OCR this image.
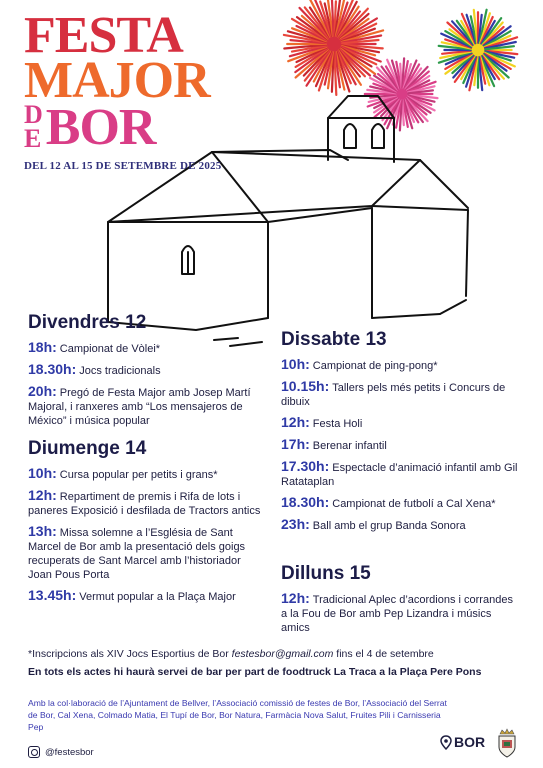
FESTA
MAJOR
D
E BOR
DEL 12 AL 15 DE SETEMBRE DE 2025
Divendres 12
18h: Campionat de Vòlei*
18.30h: Jocs tradicionals
20h: Pregó de Festa Major amb Josep Martí Majoral, i ranxeres amb “Los mensajeros de México” i música popular
Diumenge 14
10h: Cursa popular per petits i grans*
12h: Repartiment de premis i Rifa de lots i paneres Exposició i desfilada de Tractors antics
13h: Missa solemne a l’Església de Sant Marcel de Bor amb la presentació dels goigs recuperats de Sant Marcel amb l’historiador Joan Pous Porta
13.45h: Vermut popular a la Plaça Major
Dissabte 13
10h: Campionat de ping-pong*
10.15h: Tallers pels més petits i Concurs de dibuix
12h: Festa Holi
17h: Berenar infantil
17.30h: Espectacle d’animació infantil amb Gil Ratataplan
18.30h: Campionat de futbolí a Cal Xena*
23h: Ball amb el grup Banda Sonora
Dilluns 15
12h: Tradicional Aplec d’acordions i corrandes a la Fou de Bor amb Pep Lizandra i músics amics
*Inscripcions als XIV Jocs Esportius de Bor festesbor@gmail.com fins el 4 de setembre
En tots els actes hi haurà servei de bar per part de foodtruck La Traca a la Plaça Pere Pons
Amb la col·laboració de l’Ajuntament de Bellver, l’Associació comissió de festes de Bor, l’Associació del Serrat de Bor, Cal Xena, Colmado Matia, El Tupí de Bor, Bor Natura, Farmàcia Nova Salut, Fruites Pili i Carnisseria Pep
@festesbor
BOR
